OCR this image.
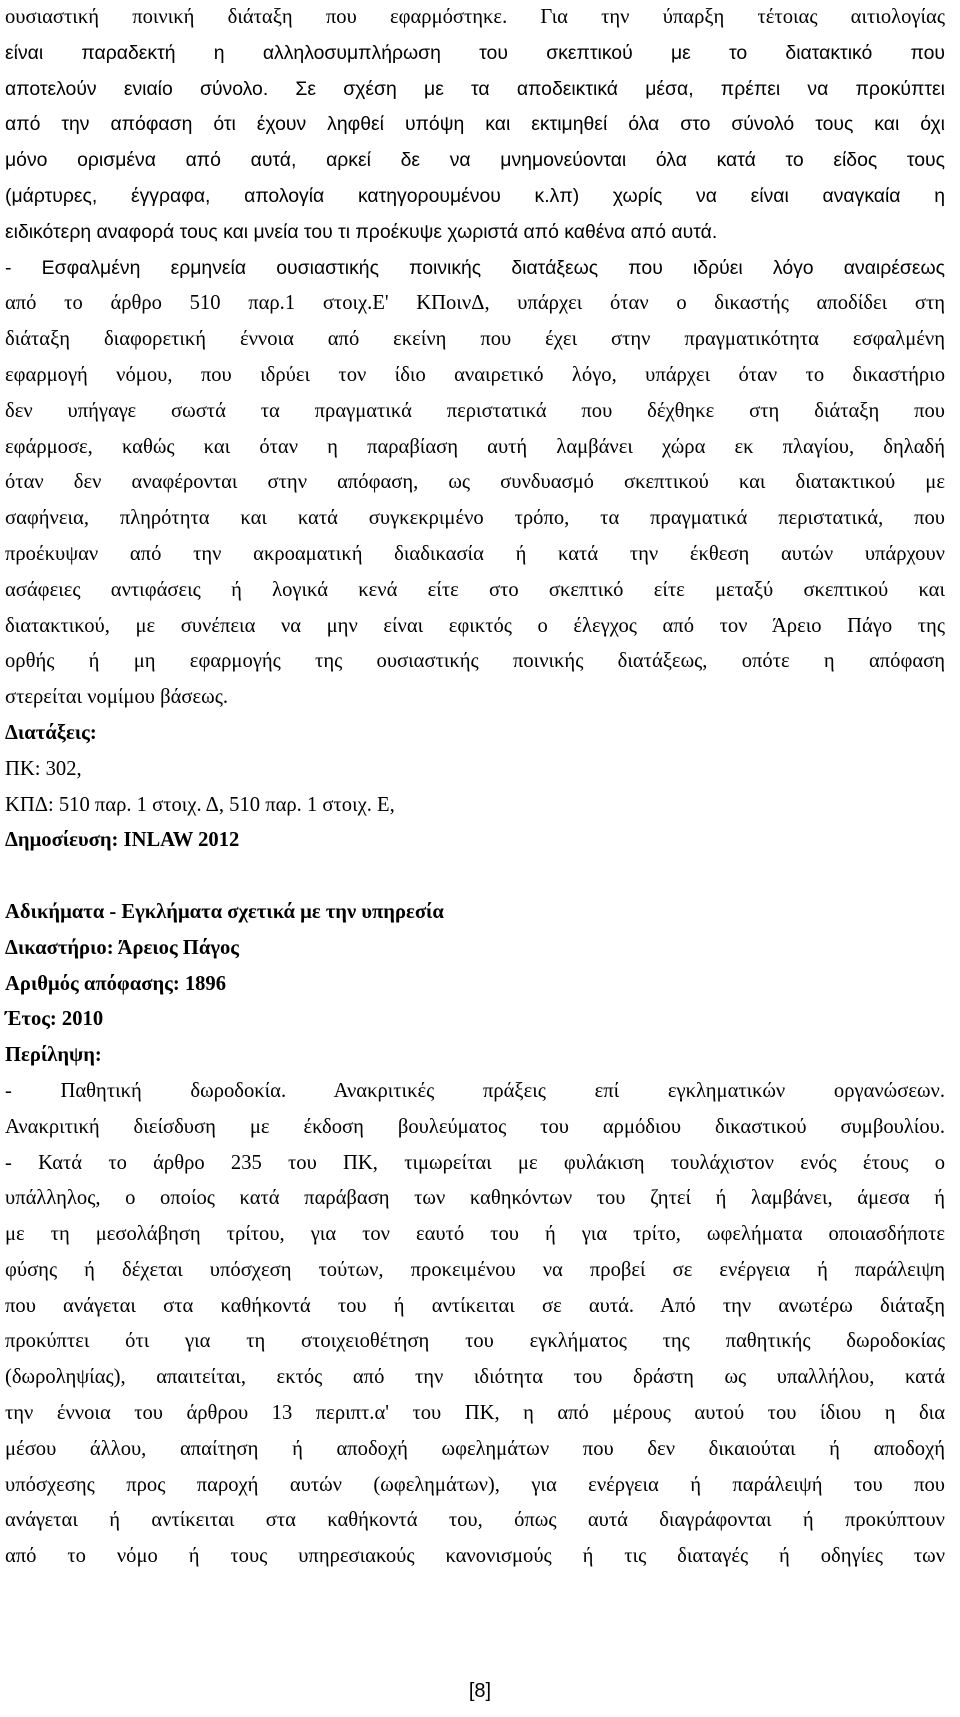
ουσιαστική ποινική διάταξη που εφαρμόστηκε. Για την ύπαρξη τέτοιας αιτιολογίας
είναι παραδεκτή η αλληλοσυμπλήρωση του σκεπτικού με το διατακτικό που
αποτελούν ενιαίο σύνολο. Σε σχέση με τα αποδεικτικά μέσα, πρέπει να προκύπτει
από την απόφαση ότι έχουν ληφθεί υπόψη και εκτιμηθεί όλα στο σύνολό τους και όχι
μόνο ορισμένα από αυτά, αρκεί δε να μνημονεύονται όλα κατά το είδος τους
(μάρτυρες, έγγραφα, απολογία κατηγορουμένου κ.λπ) χωρίς να είναι αναγκαία η
ειδικότερη αναφορά τους και μνεία του τι προέκυψε χωριστά από καθένα από αυτά.
- Εσφαλμένη ερμηνεία ουσιαστικής ποινικής διατάξεως που ιδρύει λόγο αναιρέσεως
από το άρθρο 510 παρ.1 στοιχ.Ε' ΚΠοινΔ, υπάρχει όταν ο δικαστής αποδίδει στη
διάταξη διαφορετική έννοια από εκείνη που έχει στην πραγματικότητα εσφαλμένη
εφαρμογή νόμου, που ιδρύει τον ίδιο αναιρετικό λόγο, υπάρχει όταν το δικαστήριο
δεν υπήγαγε σωστά τα πραγματικά περιστατικά που δέχθηκε στη διάταξη που
εφάρμοσε, καθώς και όταν η παραβίαση αυτή λαμβάνει χώρα εκ πλαγίου, δηλαδή
όταν δεν αναφέρονται στην απόφαση, ως συνδυασμό σκεπτικού και διατακτικού με
σαφήνεια, πληρότητα και κατά συγκεκριμένο τρόπο, τα πραγματικά περιστατικά, που
προέκυψαν από την ακροαματική διαδικασία ή κατά την έκθεση αυτών υπάρχουν
ασάφειες αντιφάσεις ή λογικά κενά είτε στο σκεπτικό είτε μεταξύ σκεπτικού και
διατακτικού, με συνέπεια να μην είναι εφικτός ο έλεγχος από τον Άρειο Πάγο της
ορθής ή μη εφαρμογής της ουσιαστικής ποινικής διατάξεως, οπότε η απόφαση
στερείται νομίμου βάσεως.
Διατάξεις:
ΠΚ: 302,
ΚΠΔ: 510 παρ. 1 στοιχ. Δ, 510 παρ. 1 στοιχ. Ε,
Δημοσίευση: INLAW 2012
Αδικήματα - Εγκλήματα σχετικά με την υπηρεσία
Δικαστήριο: Άρειος Πάγος
Αριθμός απόφασης: 1896
Έτος: 2010
Περίληψη:
- Παθητική δωροδοκία. Ανακριτικές πράξεις επί εγκληματικών οργανώσεων.
Ανακριτική διείσδυση με έκδοση βουλεύματος του αρμόδιου δικαστικού συμβουλίου.
- Κατά το άρθρο 235 του ΠΚ, τιμωρείται με φυλάκιση τουλάχιστον ενός έτους ο
υπάλληλος, ο οποίος κατά παράβαση των καθηκόντων του ζητεί ή λαμβάνει, άμεσα ή
με τη μεσολάβηση τρίτου, για τον εαυτό του ή για τρίτο, ωφελήματα οποιασδήποτε
φύσης ή δέχεται υπόσχεση τούτων, προκειμένου να προβεί σε ενέργεια ή παράλειψη
που ανάγεται στα καθήκοντά του ή αντίκειται σε αυτά. Από την ανωτέρω διάταξη
προκύπτει ότι για τη στοιχειοθέτηση του εγκλήματος της παθητικής δωροδοκίας
(δωροληψίας), απαιτείται, εκτός από την ιδιότητα του δράστη ως υπαλλήλου, κατά
την έννοια του άρθρου 13 περιπτ.α' του ΠΚ, η από μέρους αυτού του ίδιου η δια
μέσου άλλου, απαίτηση ή αποδοχή ωφελημάτων που δεν δικαιούται ή αποδοχή
υπόσχεσης προς παροχή αυτών (ωφελημάτων), για ενέργεια ή παράλειψή του που
ανάγεται ή αντίκειται στα καθήκοντά του, όπως αυτά διαγράφονται ή προκύπτουν
από το νόμο ή τους υπηρεσιακούς κανονισμούς ή τις διαταγές ή οδηγίες των
[8]
